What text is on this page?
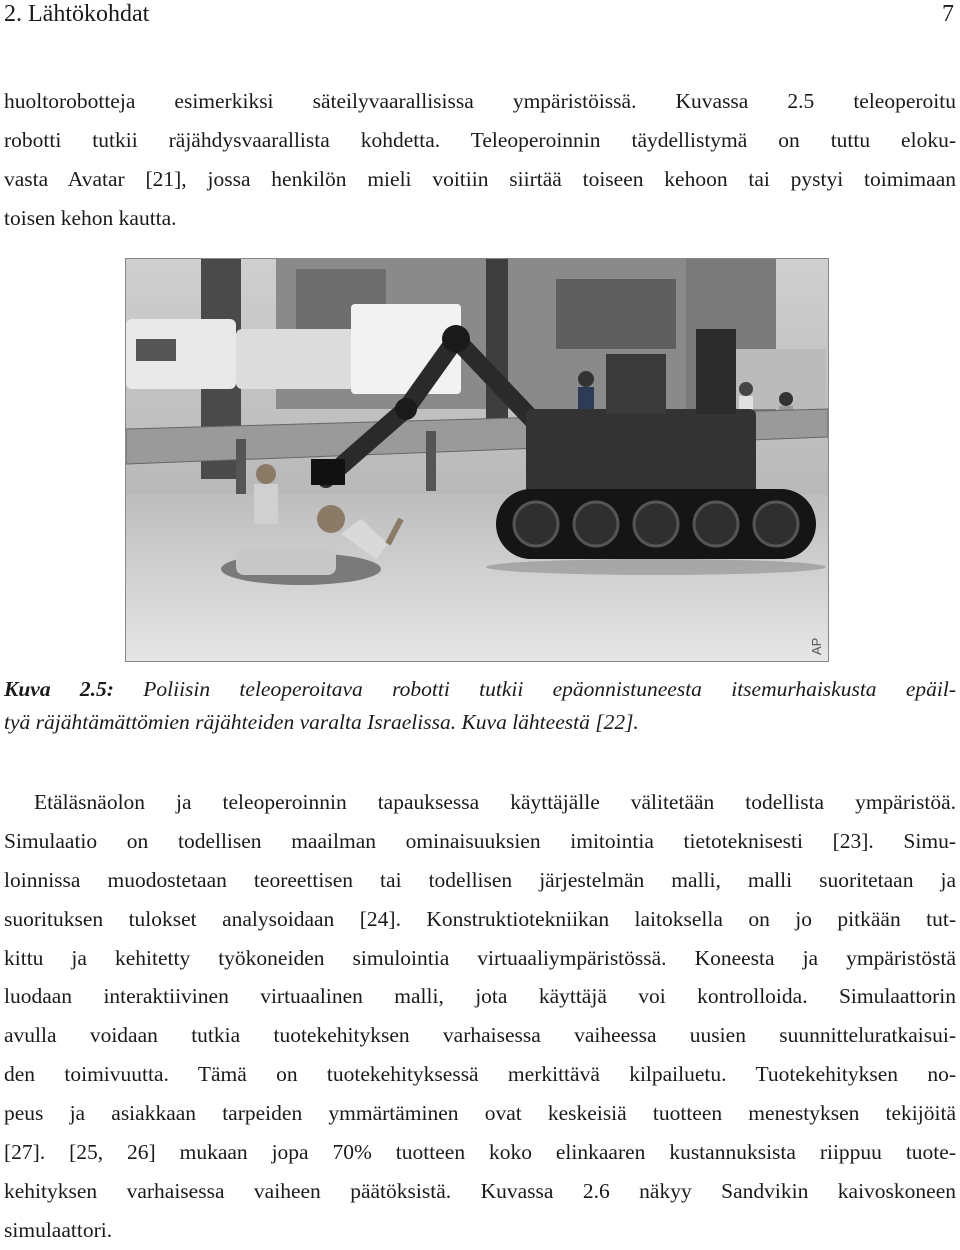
2. Lähtökohdat	7
huoltorobotteja esimerkiksi säteilyvaarallisissa ympäristöissä. Kuvassa 2.5 teleoperoitu
robotti tutkii räjähdysvaarallista kohdetta. Teleoperoinnin täydellistymä on tuttu eloku-
vasta Avatar [21], jossa henkilön mieli voitiin siirtää toiseen kehoon tai pystyi toimimaan
toisen kehon kautta.
AP
Kuva 2.5: Poliisin teleoperoitava robotti tutkii epäonnistuneesta itsemurhaiskusta epäil-
tyä räjähtämättömien räjähteiden varalta Israelissa. Kuva lähteestä [22].
Etäläsnäolon ja teleoperoinnin tapauksessa käyttäjälle välitetään todellista ympäristöä.
Simulaatio on todellisen maailman ominaisuuksien imitointia tietoteknisesti [23]. Simu-
loinnissa muodostetaan teoreettisen tai todellisen järjestelmän malli, malli suoritetaan ja
suorituksen tulokset analysoidaan [24]. Konstruktiotekniikan laitoksella on jo pitkään tut-
kittu ja kehitetty työkoneiden simulointia virtuaaliympäristössä. Koneesta ja ympäristöstä
luodaan interaktiivinen virtuaalinen malli, jota käyttäjä voi kontrolloida. Simulaattorin
avulla voidaan tutkia tuotekehityksen varhaisessa vaiheessa uusien suunnitteluratkaisui-
den toimivuutta. Tämä on tuotekehityksessä merkittävä kilpailuetu. Tuotekehityksen no-
peus ja asiakkaan tarpeiden ymmärtäminen ovat keskeisiä tuotteen menestyksen tekijöitä
[27]. [25, 26] mukaan jopa 70% tuotteen koko elinkaaren kustannuksista riippuu tuote-
kehityksen varhaisessa vaiheen päätöksistä. Kuvassa 2.6 näkyy Sandvikin kaivoskoneen
simulaattori.
